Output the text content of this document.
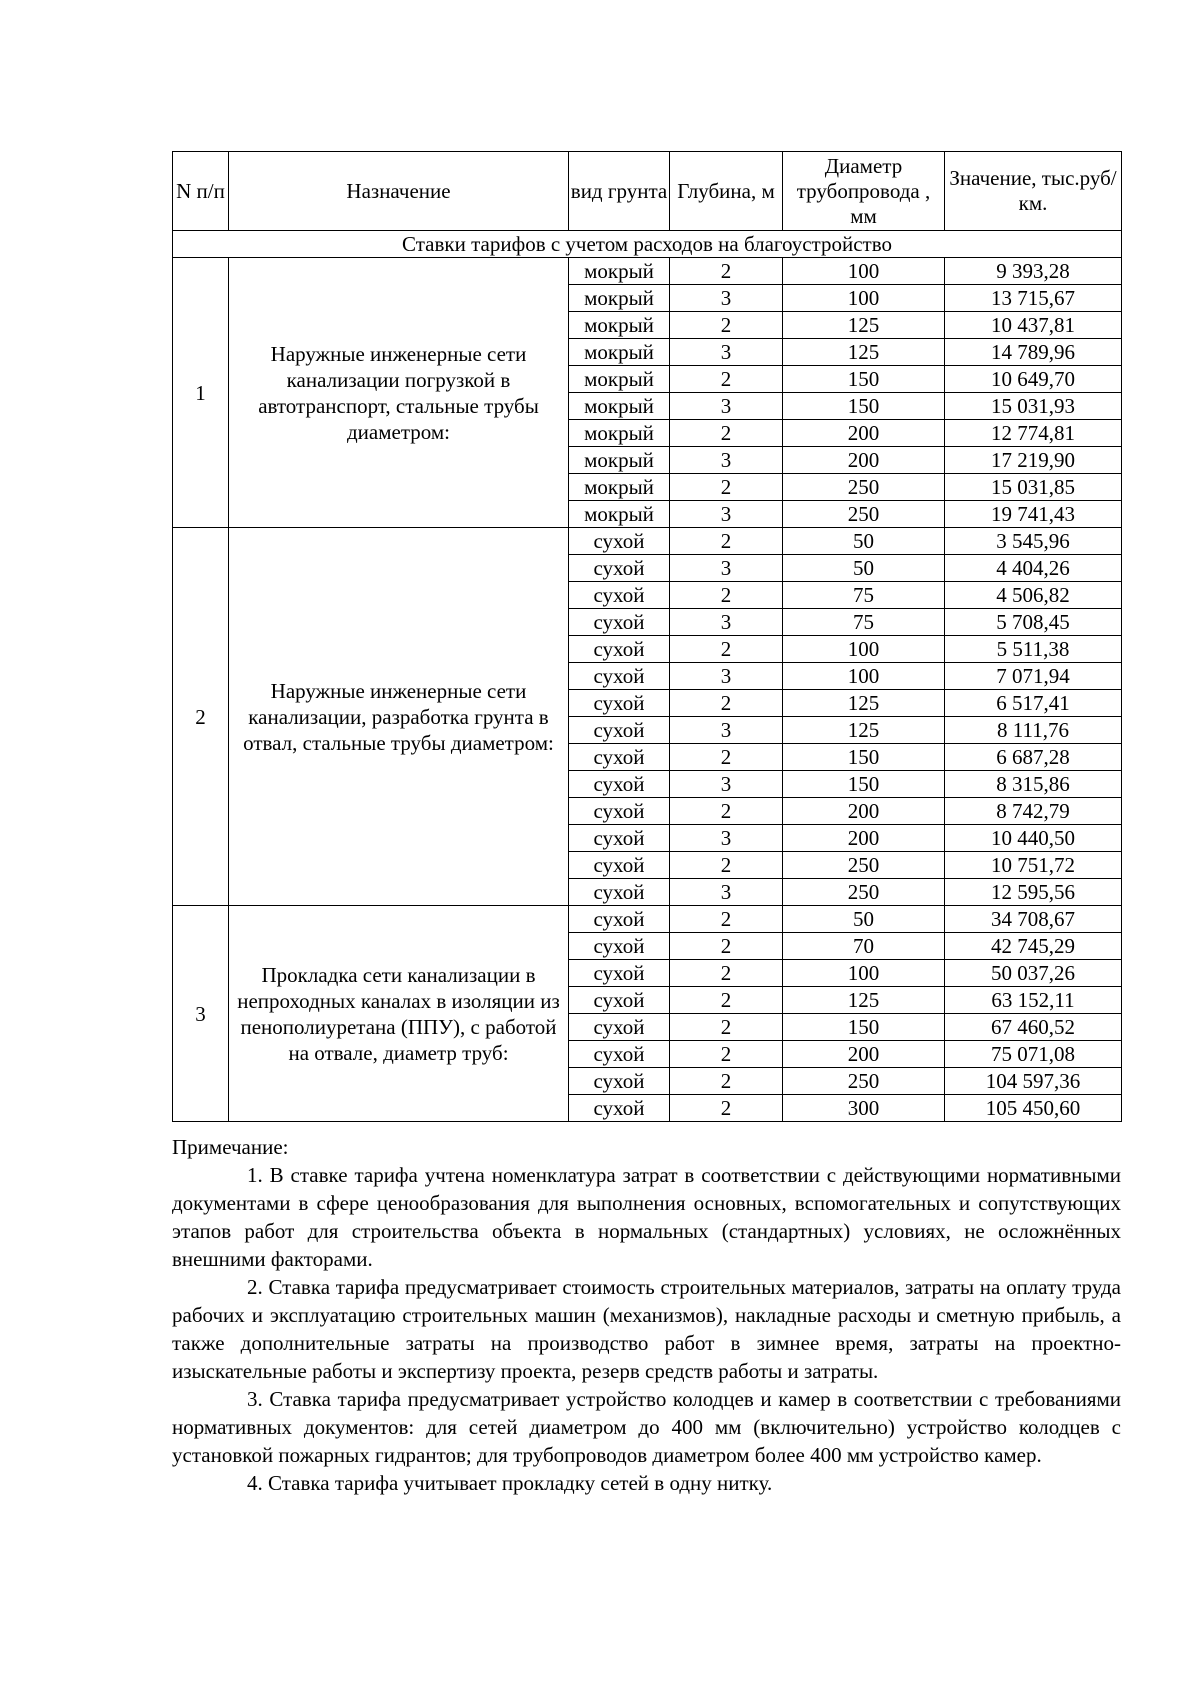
N п/п	Назначение	вид грунта	Глубина, м	Диаметр трубопровода , мм	Значение, тыс.руб/км.
Ставки тарифов с учетом расходов на благоустройство					
1	Наружные инженерные сети канализации погрузкой в автотранспорт, стальные трубы диаметром:	мокрый	2	100	9 393,28
		мокрый	3	100	13 715,67
		мокрый	2	125	10 437,81
		мокрый	3	125	14 789,96
		мокрый	2	150	10 649,70
		мокрый	3	150	15 031,93
		мокрый	2	200	12 774,81
		мокрый	3	200	17 219,90
		мокрый	2	250	15 031,85
		мокрый	3	250	19 741,43
2	Наружные инженерные сети канализации, разработка грунта в отвал, стальные трубы диаметром:	сухой	2	50	3 545,96
		сухой	3	50	4 404,26
		сухой	2	75	4 506,82
		сухой	3	75	5 708,45
		сухой	2	100	5 511,38
		сухой	3	100	7 071,94
		сухой	2	125	6 517,41
		сухой	3	125	8 111,76
		сухой	2	150	6 687,28
		сухой	3	150	8 315,86
		сухой	2	200	8 742,79
		сухой	3	200	10 440,50
		сухой	2	250	10 751,72
		сухой	3	250	12 595,56
3	Прокладка сети канализации в непроходных каналах в изоляции из пенополиуретана (ППУ), с работой на отвале, диаметр труб:	сухой	2	50	34 708,67
		сухой	2	70	42 745,29
		сухой	2	100	50 037,26
		сухой	2	125	63 152,11
		сухой	2	150	67 460,52
		сухой	2	200	75 071,08
		сухой	2	250	104 597,36
		сухой	2	300	105 450,60

Примечание:

1. В ставке тарифа учтена номенклатура затрат в соответствии с действующими нормативными документами в сфере ценообразования для выполнения основных, вспомогательных и сопутствующих этапов работ для строительства объекта в нормальных (стандартных) условиях, не осложнённых внешними факторами.

2. Ставка тарифа предусматривает стоимость строительных материалов, затраты на оплату труда рабочих и эксплуатацию строительных машин (механизмов), накладные расходы и сметную прибыль, а также дополнительные затраты на производство работ в зимнее время, затраты на проектно-изыскательные работы и экспертизу проекта, резерв средств работы и затраты.

3. Ставка тарифа предусматривает устройство колодцев и камер в соответствии с требованиями нормативных документов: для сетей диаметром до 400 мм (включительно) устройство колодцев с установкой пожарных гидрантов; для трубопроводов диаметром более 400 мм устройство камер.

4. Ставка тарифа учитывает прокладку сетей в одну нитку.
